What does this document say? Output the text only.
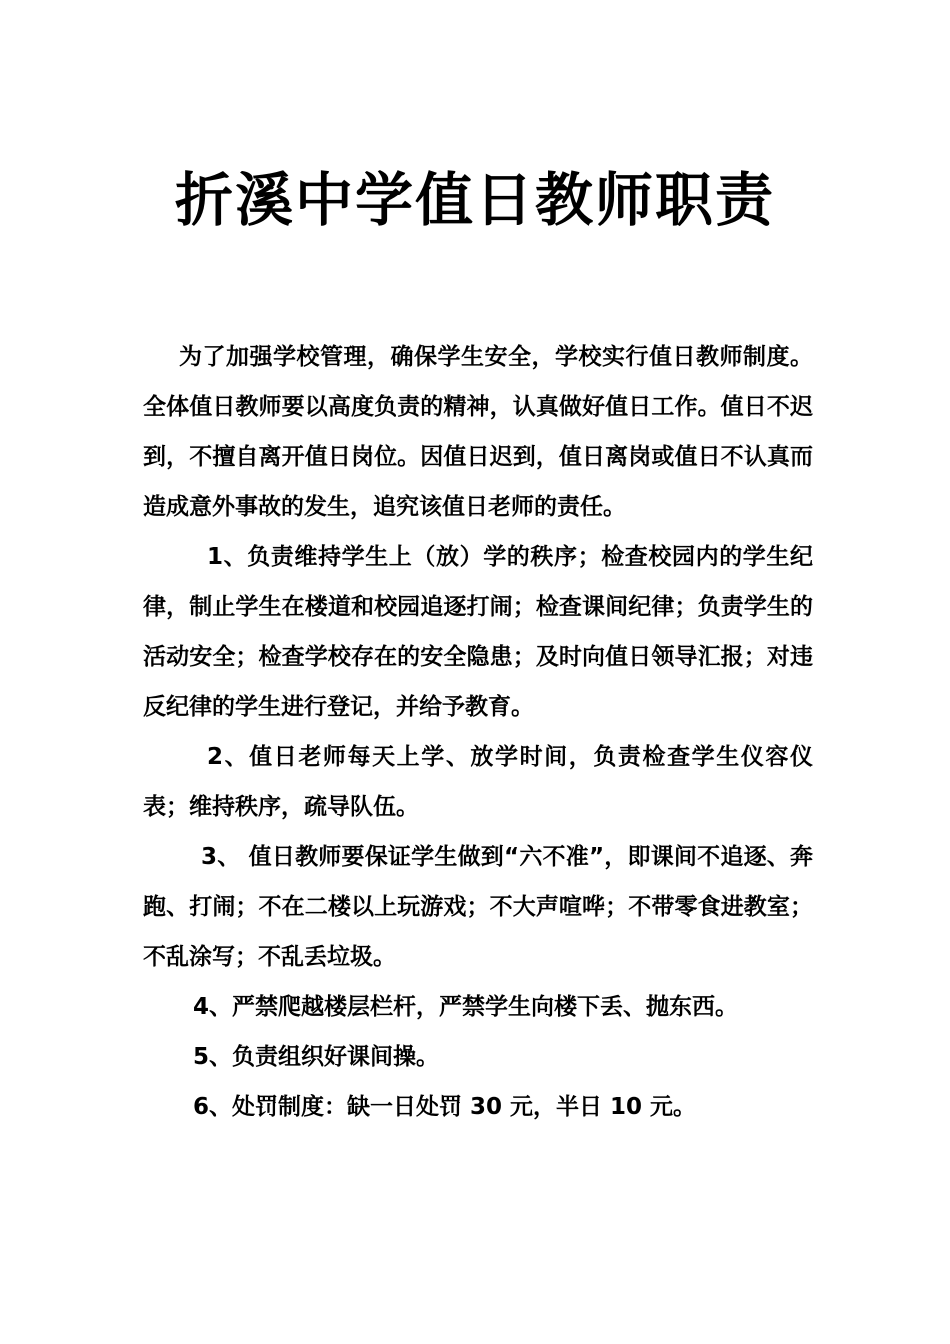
折溪中学值日教师职责

为了加强学校管理，确保学生安全，学校实行值日教师制度。全体值日教师要以高度负责的精神，认真做好值日工作。值日不迟到，不擅自离开值日岗位。因值日迟到，值日离岗或值日不认真而造成意外事故的发生，追究该值日老师的责任。

1、负责维持学生上（放）学的秩序；检查校园内的学生纪律，制止学生在楼道和校园追逐打闹；检查课间纪律；负责学生的活动安全；检查学校存在的安全隐患；及时向值日领导汇报；对违反纪律的学生进行登记，并给予教育。

2、值日老师每天上学、放学时间，负责检查学生仪容仪表；维持秩序，疏导队伍。

3、 值日教师要保证学生做到“六不准”，即课间不追逐、奔跑、打闹；不在二楼以上玩游戏；不大声喧哗；不带零食进教室；不乱涂写；不乱丢垃圾。

4、严禁爬越楼层栏杆，严禁学生向楼下丢、抛东西。

5、负责组织好课间操。

6、处罚制度：缺一日处罚 30 元，半日 10 元。
